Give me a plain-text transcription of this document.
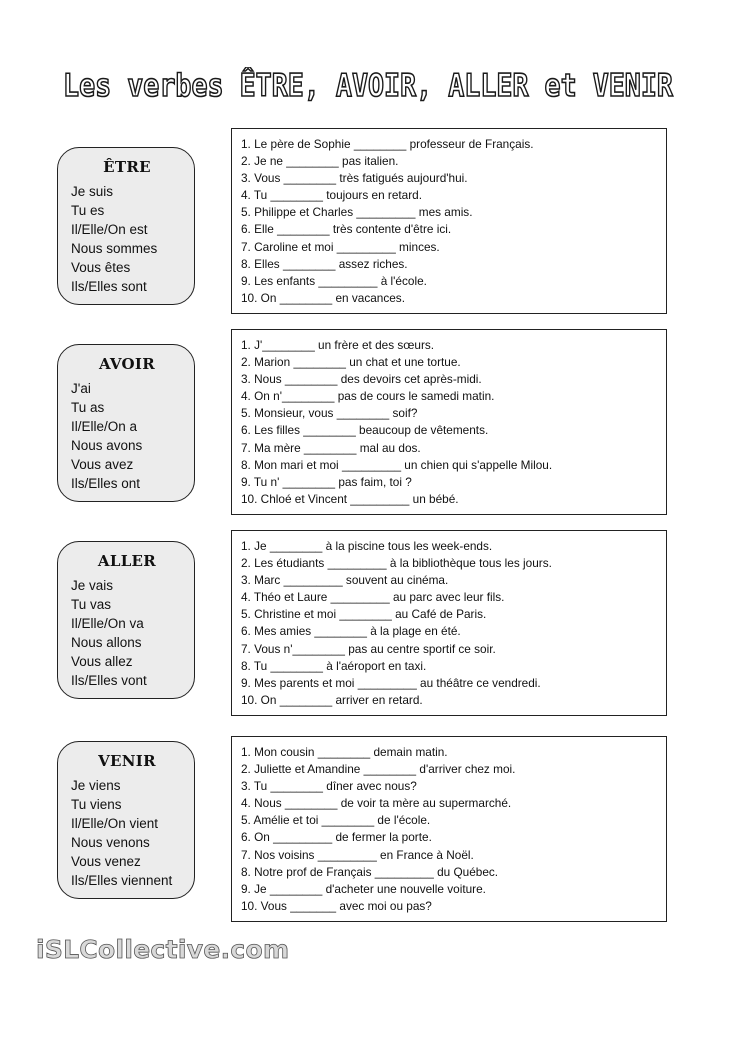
Les verbes ÊTRE, AVOIR, ALLER et VENIR
ÊTRE
Je suis
Tu es
Il/Elle/On est
Nous sommes
Vous êtes
Ils/Elles sont
1. Le père de Sophie ________ professeur de Français.
2. Je ne ________ pas italien.
3. Vous ________ très fatigués aujourd'hui.
4. Tu ________ toujours en retard.
5. Philippe et Charles _________ mes amis.
6. Elle ________ très contente d'être ici.
7. Caroline et moi _________ minces.
8. Elles ________ assez riches.
9. Les enfants _________ à l'école.
10. On ________ en vacances.
AVOIR
J'ai
Tu as
Il/Elle/On a
Nous avons
Vous avez
Ils/Elles ont
1. J'________ un frère et des sœurs.
2. Marion ________ un chat et une tortue.
3. Nous ________ des devoirs cet après-midi.
4. On n'________ pas de cours le samedi matin.
5. Monsieur, vous ________ soif?
6. Les filles ________ beaucoup de vêtements.
7. Ma mère ________ mal au dos.
8. Mon mari et moi _________ un chien qui s'appelle Milou.
9. Tu n' ________ pas faim, toi ?
10. Chloé et Vincent _________ un bébé.
ALLER
Je vais
Tu vas
Il/Elle/On va
Nous allons
Vous allez
Ils/Elles vont
1. Je ________ à la piscine tous les week-ends.
2. Les étudiants _________ à la bibliothèque tous les jours.
3. Marc _________ souvent au cinéma.
4. Théo et Laure _________ au parc avec leur fils.
5. Christine et moi ________ au Café de Paris.
6. Mes amies ________ à la plage en été.
7. Vous n'________ pas au centre sportif ce soir.
8. Tu ________ à l'aéroport en taxi.
9. Mes parents et moi _________ au théâtre ce vendredi.
10. On ________ arriver en retard.
VENIR
Je viens
Tu viens
Il/Elle/On vient
Nous venons
Vous venez
Ils/Elles viennent
1. Mon cousin ________ demain matin.
2. Juliette et Amandine ________ d'arriver chez moi.
3. Tu ________ dîner avec nous?
4. Nous ________ de voir ta mère au supermarché.
5. Amélie et toi ________ de l'école.
6. On _________ de fermer la porte.
7. Nos voisins _________ en France à Noël.
8. Notre prof de Français _________ du Québec.
9. Je ________ d'acheter une nouvelle voiture.
10. Vous _______ avec moi ou pas?
iSLCollective.com
